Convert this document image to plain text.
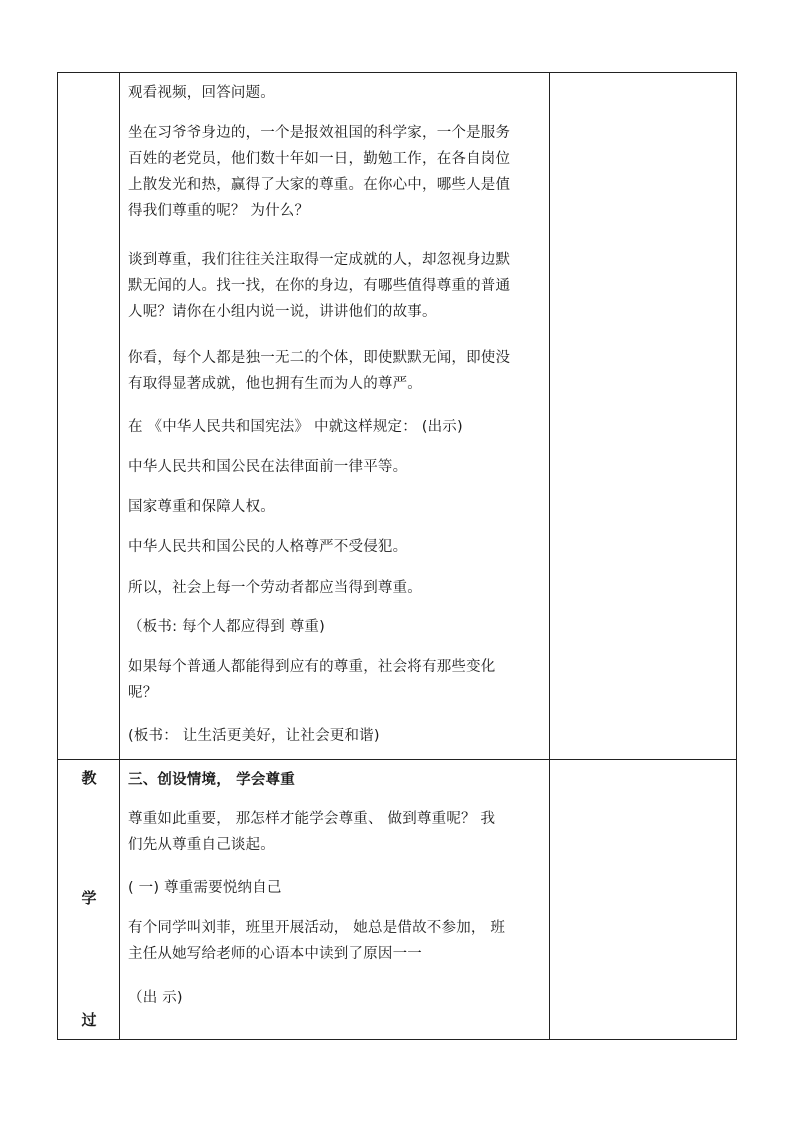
观看视频，回答问题。
坐在习爷爷身边的，一个是报效祖国的科学家，一个是服务
百姓的老党员，他们数十年如一日，勤勉工作，在各自岗位
上散发光和热，赢得了大家的尊重。在你心中，哪些人是值
得我们尊重的呢？ 为什么？
谈到尊重，我们往往关注取得一定成就的人，却忽视身边默
默无闻的人。找一找，在你的身边，有哪些值得尊重的普通
人呢？请你在小组内说一说，讲讲他们的故事。
你看，每个人都是独一无二的个体，即使默默无闻，即使没
有取得显著成就，他也拥有生而为人的尊严。
在 《中华人民共和国宪法》 中就这样规定： (出示)
中华人民共和国公民在法律面前一律平等。
国家尊重和保障人权。
中华人民共和国公民的人格尊严不受侵犯。
所以，社会上每一个劳动者都应当得到尊重。
（板书: 每个人都应得到 尊重)
如果每个普通人都能得到应有的尊重，社会将有那些变化
呢？
(板书： 让生活更美好，让社会更和谐)
教
学
过
三、创设情境， 学会尊重
尊重如此重要， 那怎样才能学会尊重、 做到尊重呢？ 我
们先从尊重自己谈起。
( 一) 尊重需要悦纳自己
有个同学叫刘菲，班里开展活动， 她总是借故不参加， 班
主任从她写给老师的心语本中读到了原因一一
（出 示)
